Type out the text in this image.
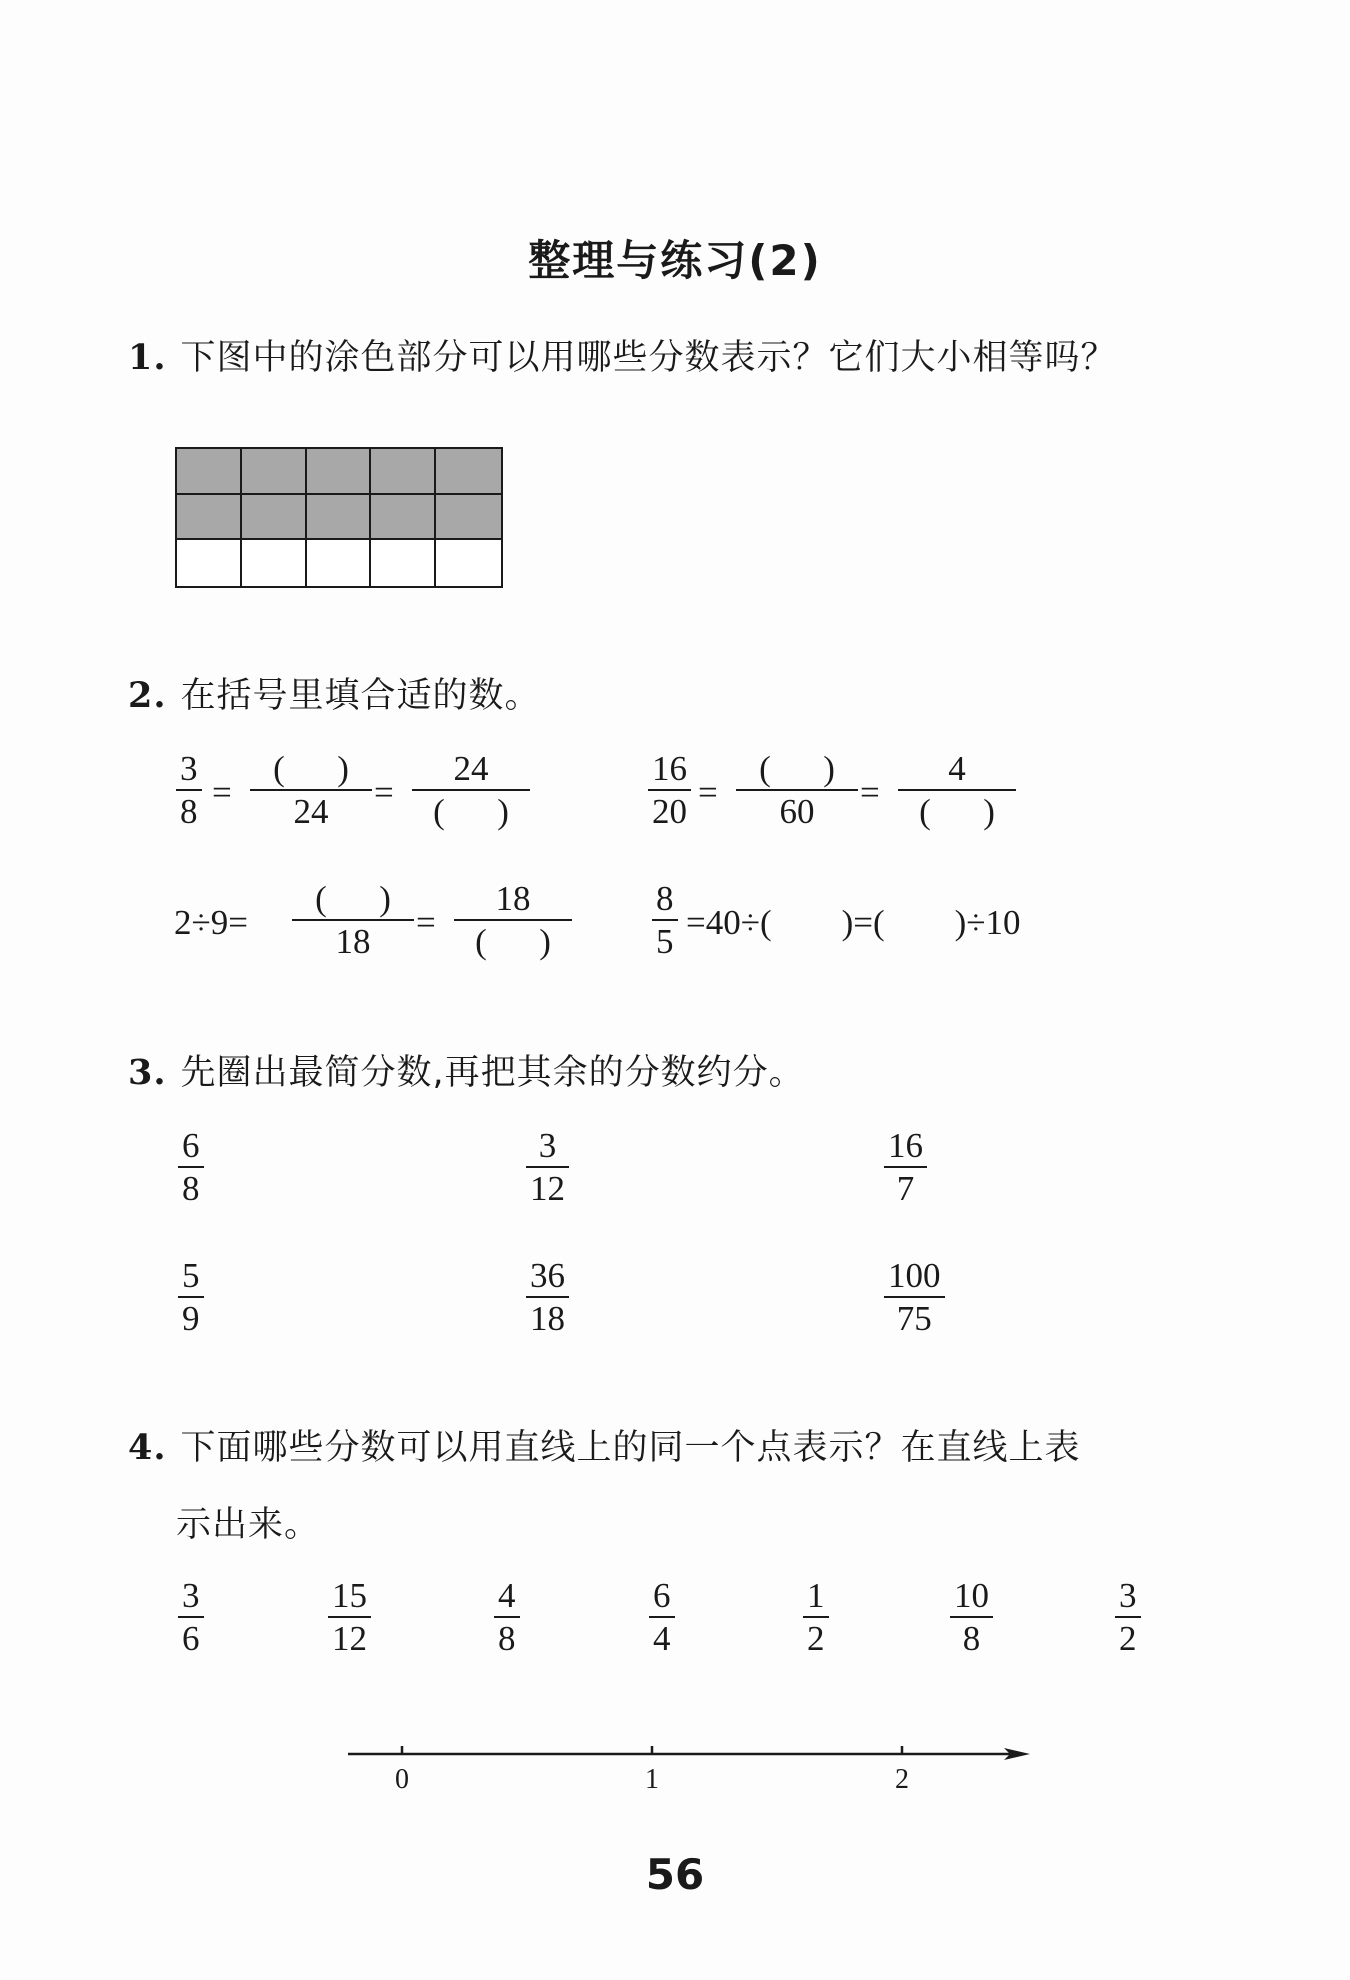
整理与练习(2)
1. 下图中的涂色部分可以用哪些分数表示？它们大小相等吗？
2. 在括号里填合适的数。
3
8 =
(      )
24 =
24
(      )
16
20 =
(      )
60 =
4
(      )
2÷9=
(      )
18 =
18
(      )
8
5 =40÷(        )=(        )÷10
3. 先圈出最简分数,再把其余的分数约分。
6
8
3
12
16
7
5
9
36
18
100
75
4. 下面哪些分数可以用直线上的同一个点表示？在直线上表
示出来。
3
6
15
12
4
8
6
4
1
2
10
8
3
2
0	1	2
56
